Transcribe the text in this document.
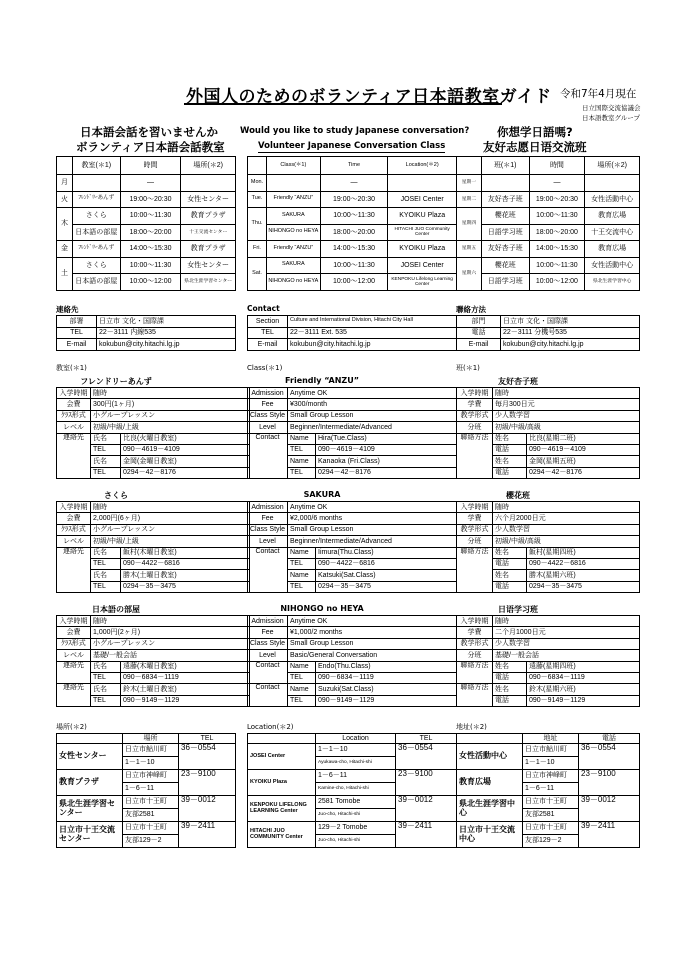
外国人のためのボランティア日本語教室ガイド 令和7年4月現在
日立国際交流協議会
日本語教室グループ
日本語会話を習いませんか
ボランティア日本語会話教室
Would you like to study Japanese conversation?
Volunteer Japanese Conversation Class
你想学日語嗎?
友好志愿日语交流班
	教室(＊1)	時間	場所(＊2)
月		―	
火	ﾌﾚﾝﾄﾞﾘｰあんず	19:00～20:30	女性センター
木	さくら	10:00～11:30	教育プラザ
	日本語の部屋	18:00～20:00	十王交流センター
金	ﾌﾚﾝﾄﾞﾘｰあんず	14:00～15:30	教育プラザ
土	さくら	10:00～11:30	女性センター
	日本語の部屋	10:00～12:00	県北生涯学習センター
連絡先
部署	日立市 文化・国際課
TEL	22－3111 内線535
E-mail	kokubun@city.hitachi.lg.jp
教室(＊1)
フレンドリーあんず
入学時期	随時	
会費	300円(1ヶ月)	
ｸﾗｽ形式	小グループレッスン	
レベル	初級/中級/上級	
連絡先	氏名	比良(火曜日教室)
	TEL	090－4619－4109
	氏名	金岡(金曜日教室)
	TEL	0294－42－8176
さくら
入学時期	随時	
会費	2,000円(6ヶ月)	
ｸﾗｽ形式	小グループレッスン	
レベル	初級/中級/上級	
連絡先	氏名	飯村(木曜日教室)
	TEL	090－4422－6816
	氏名	勝木(土曜日教室)
	TEL	0294－35－3475
日本語の部屋
入学時期	随時	
会費	1,000円(2ヶ月)	
ｸﾗｽ形式	小グループレッスン	
レベル	基礎/一般会話	
連絡先	氏名	遠藤(木曜日教室)
	TEL	090－6834－1119
連絡先	氏名	鈴木(土曜日教室)
	TEL	090－9149－1129
場所(＊2)
	場所	TEL
女性センター	日立市鮎川町	36－0554
	1－1－10	
教育プラザ	日立市神峰町	23－9100
	1－6－11	
県北生涯学習センター	日立市十王町	39－0012
	友部2581	
日立市十王交流センター	日立市十王町	39－2411
	友部129－2	
	Class(＊1)	Time	Location(＊2)
Mon.		―	
Tue.	Friendly “ANZU”	19:00～20:30	JOSEI Center
Thu.	SAKURA	10:00～11:30	KYOIKU Plaza
	NIHONGO no HEYA	18:00～20:00	HITACHI JUO Community Center
Fri.	Friendly “ANZU”	14:00～15:30	KYOIKU Plaza
Sat.	SAKURA	10:00～11:30	JOSEI Center
	NIHONGO no HEYA	10:00～12:00	KENPOKU Lifelong Learning Center
Contact
Section	Culture and International Division, Hitachi City Hall
TEL	22－3111 Ext. 535
E-mail	kokubun@city.hitachi.lg.jp
Class(＊1)
Friendly “ANZU”
Admission	Anytime OK	
Fee	¥300/month	
Class Style	Small Group Lesson	
Level	Beginner/Intermediate/Advanced	
Contact	Name	Hira(Tue.Class)
	TEL	090－4619－4109
	Name	Kanaoka (Fri.Class)
	TEL	0294－42－8176
SAKURA
Admission	Anytime OK	
Fee	¥2,000/6 months	
Class Style	Small Group Lesson	
Level	Beginner/Intermediate/Advanced	
Contact	Name	Iimura(Thu.Class)
	TEL	090－4422－6816
	Name	Katsuki(Sat.Class)
	TEL	0294－35－3475
NIHONGO no HEYA
Admission	Anytime OK	
Fee	¥1,000/2 months	
Class Style	Small Group Lesson	
Level	Basic/General Conversation	
Contact	Name	Endo(Thu.Class)
	TEL	090－6834－1119
Contact	Name	Suzuki(Sat.Class)
	TEL	090－9149－1129
Location(＊2)
	Location	TEL
JOSEI Center	1－1－10	36－0554
	Ayukawa-cho, Hitachi-shi	
KYOIKU Plaza	1－6－11	23－9100
	Kamine-cho, Hitachi-shi	
KENPOKU LIFELONG LEARNING Center	2581 Tomobe	39－0012
	Juo-cho, Hitachi-shi	
HITACHI JUO COMMUNITY Center	129－2 Tomobe	39－2411
	Juo-cho, Hitachi-shi	
	班(＊1)	時間	場所(＊2)
星期一		―	
星期二	友好杏子班	19:00～20:30	女性活動中心
星期四	櫻花班	10:00～11:30	教育広場
	日語学习班	18:00～20:00	十王交流中心
星期五	友好杏子班	14:00～15:30	教育広場
星期六	櫻花班	10:00～11:30	女性活動中心
	日語学习班	10:00～12:00	県北生涯学習中心
聯絡方法
部門	日立市 文化・国際課
電話	22－3111 分機号535
E-mail	kokubun@city.hitachi.lg.jp
班(＊1)
友好杏子班
入学時期	随時	
学費	毎月300日元	
教学形式	少人数学習	
分班	初級/中級/高級	
聯絡方法	姓名	比良(星期二班)
	電話	090－4619－4109
	姓名	金岡(星期五班)
	電話	0294－42－8176
櫻花班
入学時期	随時	
学費	六个月2000日元	
教学形式	少人数学習	
分班	初級/中級/高級	
聯絡方法	姓名	飯村(星期四班)
	電話	090－4422－6816
	姓名	勝木(星期六班)
	電話	0294－35－3475
日语学习班
入学時期	随時	
学費	二个月1000日元	
教学形式	少人数学習	
分班	基礎/一般会話	
聯絡方法	姓名	遠藤(星期四班)
	電話	090－6834－1119
聯絡方法	姓名	鈴木(星期六班)
	電話	090－9149－1129
地址(＊2)
	地址	電話
女性活動中心	日立市鮎川町	36－0554
	1－1－10	
教育広場	日立市神峰町	23－9100
	1－6－11	
県北生涯学習中心	日立市十王町	39－0012
	友部2581	
日立市十王交流中心	日立市十王町	39－2411
	友部129－2	
